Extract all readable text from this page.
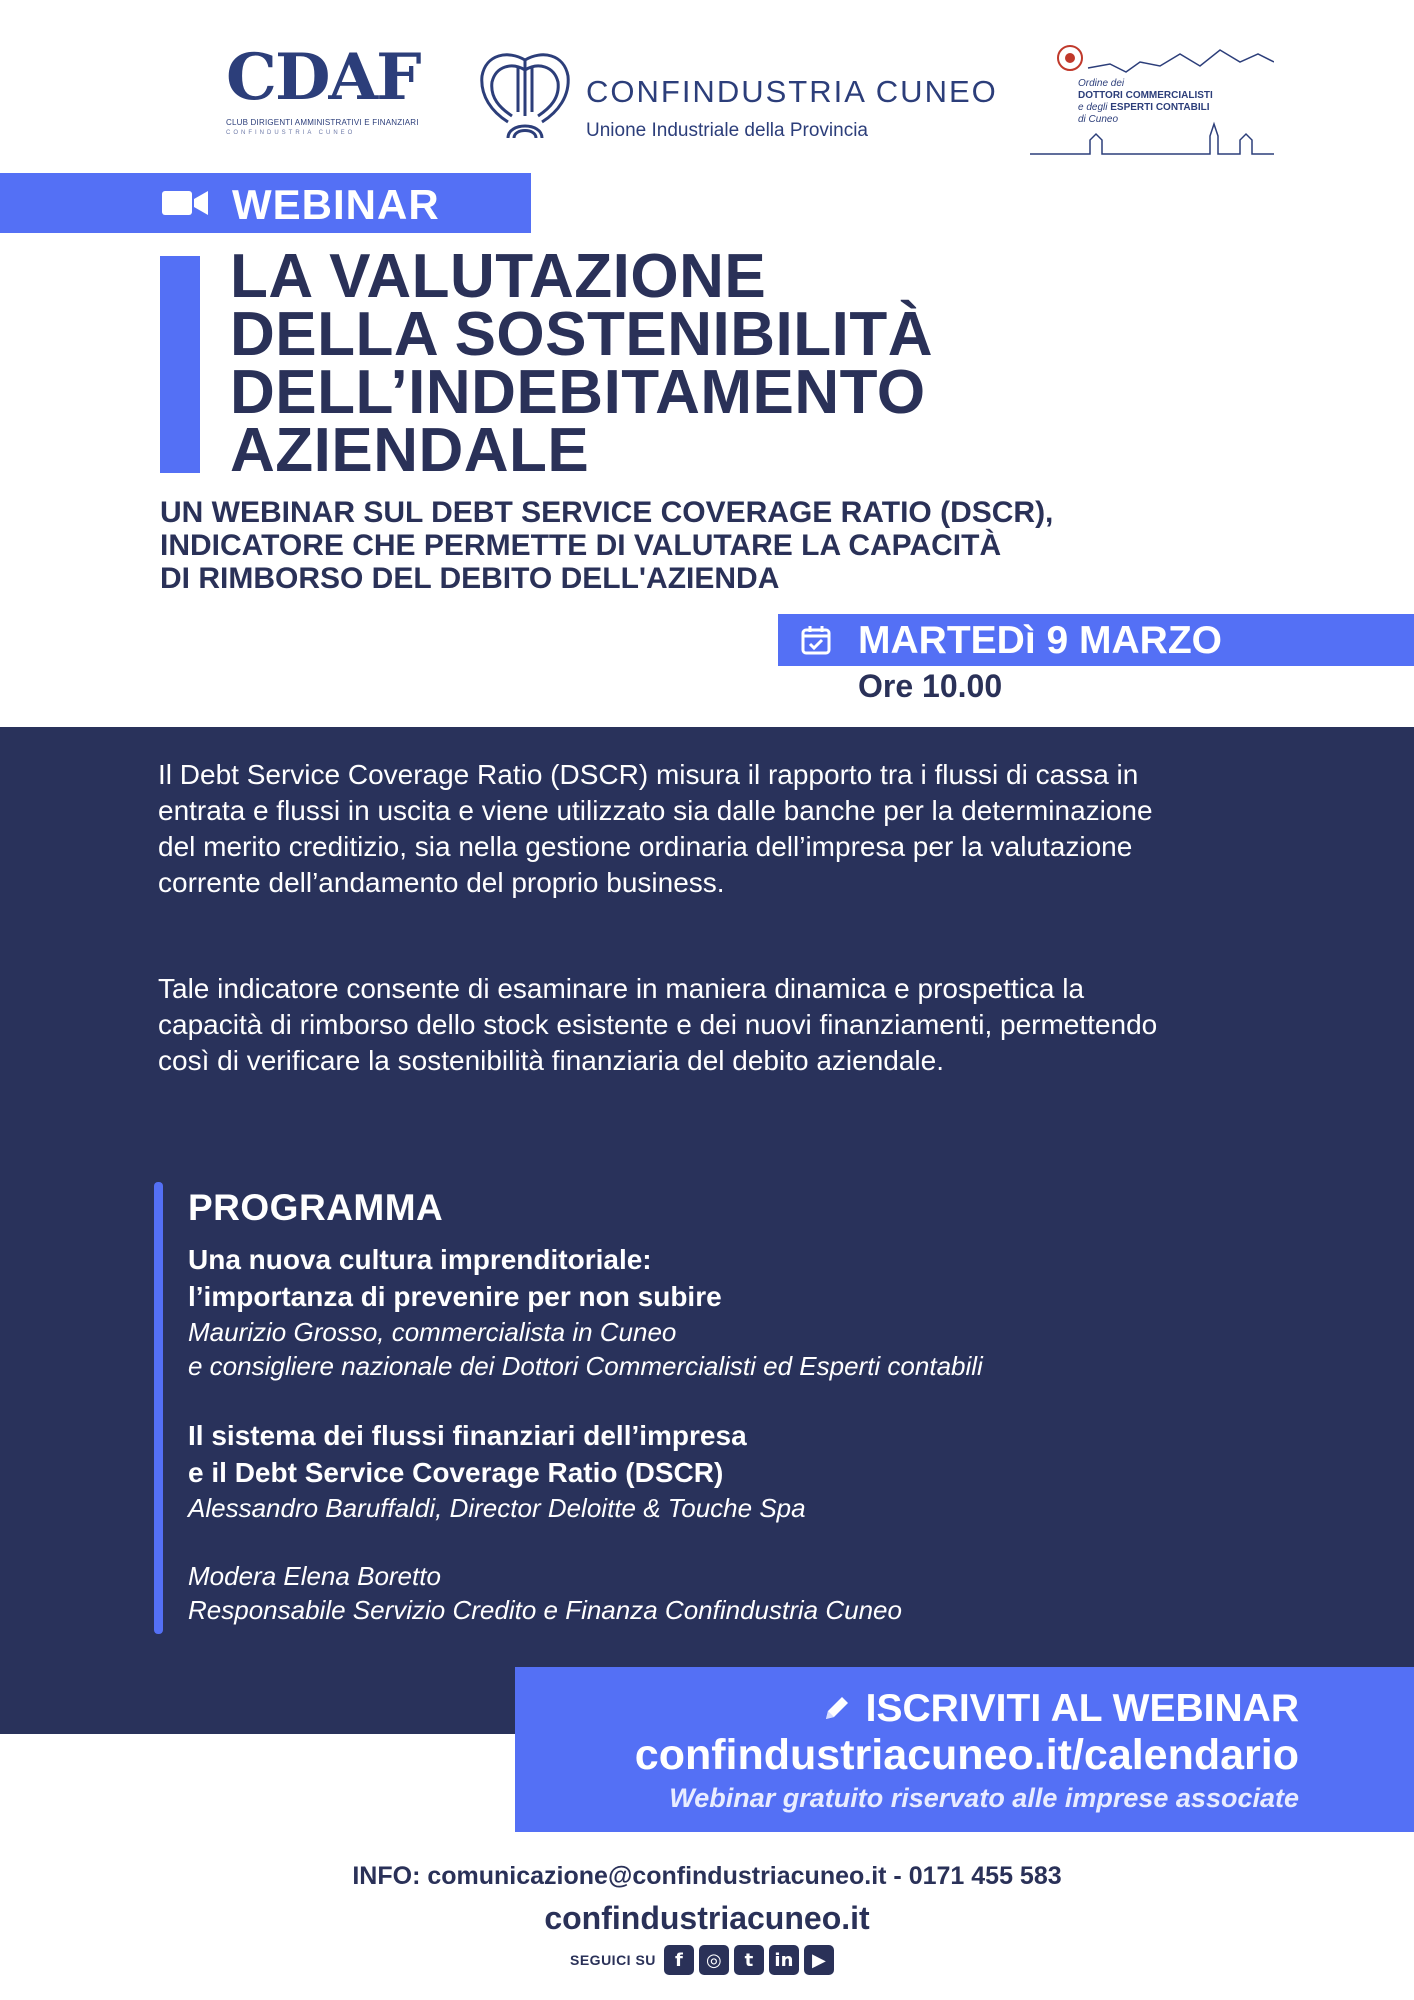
CDAF
CLUB DIRIGENTI AMMINISTRATIVI E FINANZIARI
CONFINDUSTRIA CUNEO
CONFINDUSTRIA CUNEO
Unione Industriale della Provincia
Ordine dei
DOTTORI COMMERCIALISTI
e degli ESPERTI CONTABILI
di Cuneo
WEBINAR
LA VALUTAZIONE
DELLA SOSTENIBILITÀ
DELL’INDEBITAMENTO
AZIENDALE
UN WEBINAR SUL DEBT SERVICE COVERAGE RATIO (DSCR),
INDICATORE CHE PERMETTE DI VALUTARE LA CAPACITÀ
DI RIMBORSO DEL DEBITO DELL'AZIENDA
MARTEDì 9 MARZO
Ore 10.00

Il Debt Service Coverage Ratio (DSCR) misura il rapporto tra i flussi di cassa in entrata e flussi in uscita e viene utilizzato sia dalle banche per la determinazione del merito creditizio, sia nella gestione ordinaria dell’impresa per la valutazione corrente dell’andamento del proprio business.

Tale indicatore consente di esaminare in maniera dinamica e prospettica la capacità di rimborso dello stock esistente e dei nuovi finanziamenti, permettendo così di verificare la sostenibilità finanziaria del debito aziendale.

PROGRAMMA
Una nuova cultura imprenditoriale:
l’importanza di prevenire per non subire
Maurizio Grosso, commercialista in Cuneo
e consigliere nazionale dei Dottori Commercialisti ed Esperti contabili
Il sistema dei flussi finanziari dell’impresa
e il Debt Service Coverage Ratio (DSCR)
Alessandro Baruffaldi, Director Deloitte & Touche Spa
Modera Elena Boretto
Responsabile Servizio Credito e Finanza Confindustria Cuneo
ISCRIVITI AL WEBINAR
confindustriacuneo.it/calendario
Webinar gratuito riservato alle imprese associate
INFO: comunicazione@confindustriacuneo.it - 0171 455 583
confindustriacuneo.it
SEGUICI SU	f	◎	t	in	▶
